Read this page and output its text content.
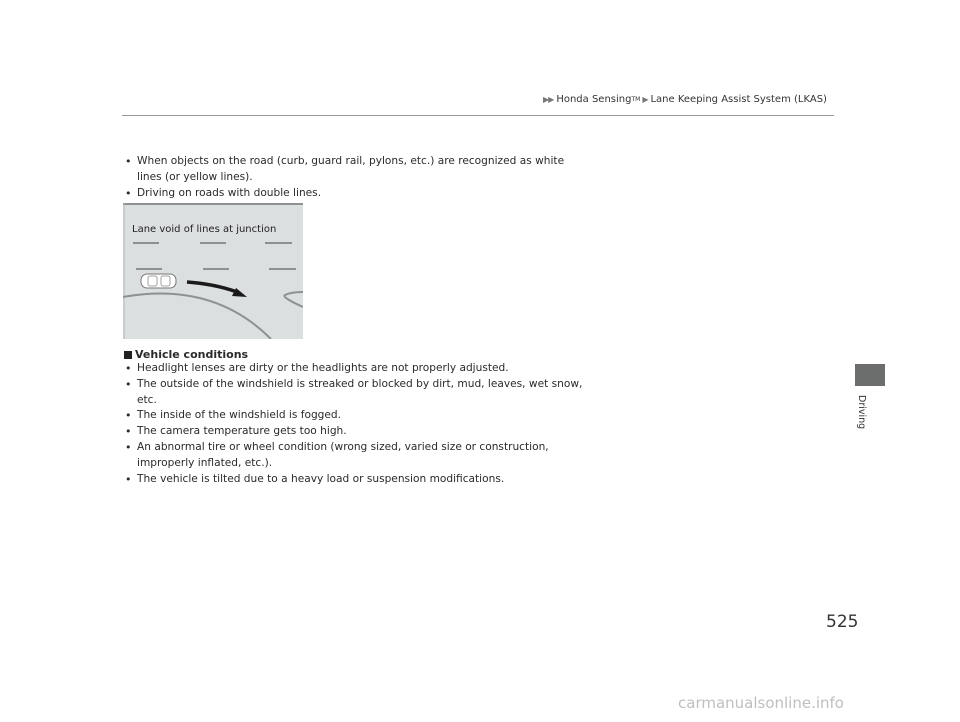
▶▶ Honda Sensing TM ▶ Lane Keeping Assist System (LKAS)
Driving
• When objects on the road (curb, guard rail, pylons, etc.) are recognized as white lines (or yellow lines).
• Driving on roads with double lines.
Lane void of lines at junction
Vehicle conditions
• Headlight lenses are dirty or the headlights are not properly adjusted.
• The outside of the windshield is streaked or blocked by dirt, mud, leaves, wet snow, etc.
• The inside of the windshield is fogged.
• The camera temperature gets too high.
• An abnormal tire or wheel condition (wrong sized, varied size or construction, improperly inflated, etc.).
• The vehicle is tilted due to a heavy load or suspension modifications.
525
carmanualsonline.info
